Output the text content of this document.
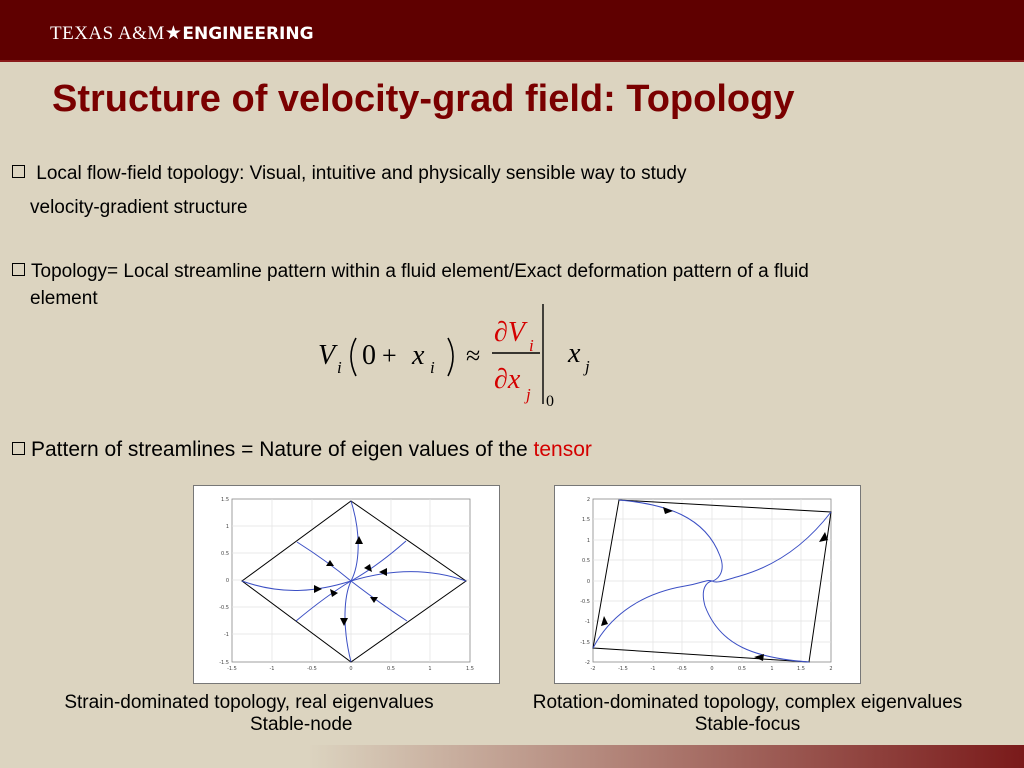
TEXAS A&M★ENGINEERING
Structure of velocity-grad field: Topology
Local flow-field topology: Visual, intuitive and physically sensible way to study
velocity-gradient structure
Topology= Local streamline pattern within a fluid element/Exact deformation pattern of a fluid
element
V i 0 + x i ≈
∂V i
∂x j 0
x j
Pattern of streamlines = Nature of eigen values of the tensor
-1.5	-1	-0.5	0	0.5	1	1.5
1.5
1
0.5
0
-0.5
-1
-1.5
-2	-1.5	-1	-0.5	0	0.5	1	1.5	2
2
1.5
1
0.5
0
-0.5
-1
-1.5
-2
Strain-dominated topology, real eigenvalues
Stable-node
Rotation-dominated topology, complex eigenvalues
Stable-focus
